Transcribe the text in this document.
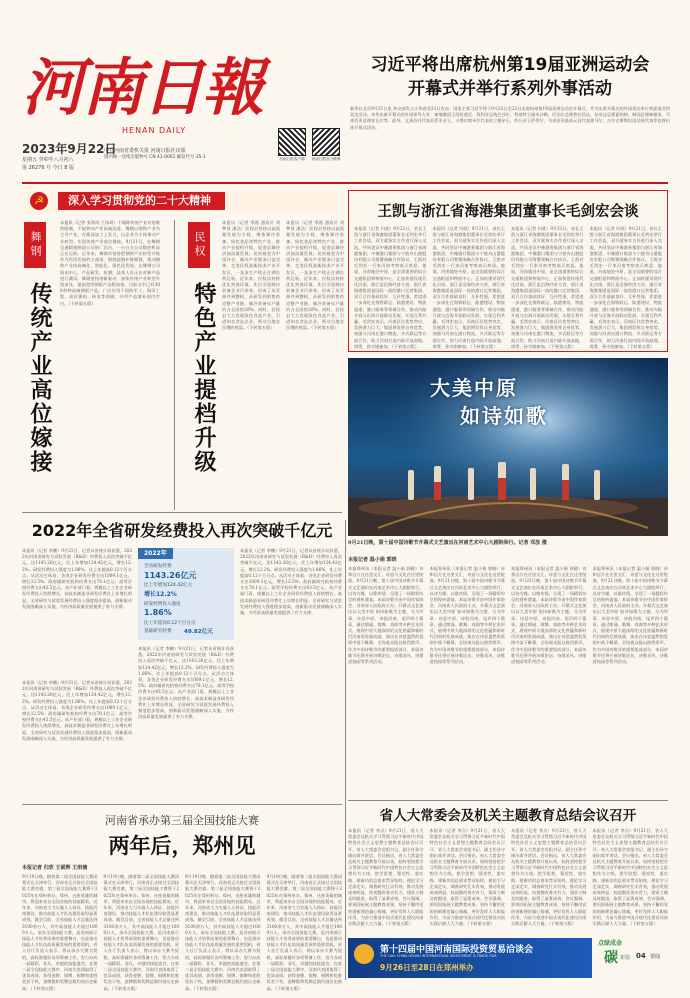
河南日報
HENAN DAILY
2023年9月22日
星期五 癸卯年八月初八
第 26276 号 今日 8 版
中共河南省委机关报 河南日报社出版
国内统一连续出版物号 CN 41-0001 邮发代号 35-1	河南日报客户端	河南日报官方微博
习近平将出席杭州第19届亚洲运动会
开幕式并举行系列外事活动
新华社北京9月21日电 外交部发言人华春莹21日宣布：国家主席习近平将于9月22日至23日出席杭州第19届亚洲运动会开幕式，并为出席开幕式的外国贵宾举行欢迎宴会和双边活动。来华出席开幕式的外国领导人有：柬埔寨国王西哈莫尼、叙利亚总统巴沙尔、科威特王储米沙勒、尼泊尔总理普拉昌达、东帝汶总理夏纳纳、韩国总理韩德洙、马来西亚总理安瓦尔等。此外，文莱苏丹代表苏菲亚亲王，卡塔尔埃米尔代表哈立德亲王，约旦亲王萨伊尔，马来西亚最高元首代表奥马尔，吉尔吉斯斯坦国总统代表等也将出席开幕式活动。
王凯与浙江省海港集团董事长毛剑宏会谈
本报讯（记者 归欣）9月21日，省长王凯与浙江省海港集团董事长毛剑宏举行工作会谈，双方就务实合作进行深入交流，共同见证中豫港务集团与浙江省海港集团、中豫港口集团与宁波舟山港股份有限公司签署战略合作协议。王凯对毛剑宏一行来河南考察表示欢迎。他说，河南地处中原，是全国重要的综合交通枢纽和物流中心，正加快建设现代化河南。浙江是沿海经济大省，浙江省海港集团是国际一流的港口运营集团。双方合作基础良好、互补性强，希望进一步深化在海铁联运、陆港建设、物流通道、港口服务等领域合作，推动内陆开放与沿海开放联动发展，实现互利共赢。毛剑宏表示，河南区位优势突出，发展潜力巨大，集团将发挥自身优势，加强与河南在港口物流、多式联运等方面合作，助力河南打造内陆开放高地。周霁、孙守刚参加。（下转第五版）
本报讯（记者 归欣）9月21日，省长王凯与浙江省海港集团董事长毛剑宏举行工作会谈，双方就务实合作进行深入交流，共同见证中豫港务集团与浙江省海港集团、中豫港口集团与宁波舟山港股份有限公司签署战略合作协议。王凯对毛剑宏一行来河南考察表示欢迎。他说，河南地处中原，是全国重要的综合交通枢纽和物流中心，正加快建设现代化河南。浙江是沿海经济大省，浙江省海港集团是国际一流的港口运营集团。双方合作基础良好、互补性强，希望进一步深化在海铁联运、陆港建设、物流通道、港口服务等领域合作，推动内陆开放与沿海开放联动发展，实现互利共赢。毛剑宏表示，河南区位优势突出，发展潜力巨大，集团将发挥自身优势，加强与河南在港口物流、多式联运等方面合作，助力河南打造内陆开放高地。周霁、孙守刚参加。（下转第五版）
本报讯（记者 归欣）9月21日，省长王凯与浙江省海港集团董事长毛剑宏举行工作会谈，双方就务实合作进行深入交流，共同见证中豫港务集团与浙江省海港集团、中豫港口集团与宁波舟山港股份有限公司签署战略合作协议。王凯对毛剑宏一行来河南考察表示欢迎。他说，河南地处中原，是全国重要的综合交通枢纽和物流中心，正加快建设现代化河南。浙江是沿海经济大省，浙江省海港集团是国际一流的港口运营集团。双方合作基础良好、互补性强，希望进一步深化在海铁联运、陆港建设、物流通道、港口服务等领域合作，推动内陆开放与沿海开放联动发展，实现互利共赢。毛剑宏表示，河南区位优势突出，发展潜力巨大，集团将发挥自身优势，加强与河南在港口物流、多式联运等方面合作，助力河南打造内陆开放高地。周霁、孙守刚参加。（下转第五版）
本报讯（记者 归欣）9月21日，省长王凯与浙江省海港集团董事长毛剑宏举行工作会谈，双方就务实合作进行深入交流，共同见证中豫港务集团与浙江省海港集团、中豫港口集团与宁波舟山港股份有限公司签署战略合作协议。王凯对毛剑宏一行来河南考察表示欢迎。他说，河南地处中原，是全国重要的综合交通枢纽和物流中心，正加快建设现代化河南。浙江是沿海经济大省，浙江省海港集团是国际一流的港口运营集团。双方合作基础良好、互补性强，希望进一步深化在海铁联运、陆港建设、物流通道、港口服务等领域合作，推动内陆开放与沿海开放联动发展，实现互利共赢。毛剑宏表示，河南区位优势突出，发展潜力巨大，集团将发挥自身优势，加强与河南在港口物流、多式联运等方面合作，助力河南打造内陆开放高地。周霁、孙守刚参加。（下转第五版）
☭	深入学习贯彻党的二十大精神
舞钢
传统产业高位嫁接
本报讯（记者 张海涛 王冰玥）不破除传统产业对思维的限制，不能够向产业高端迈进。舞钢以钢铁产业为主导产业，在精深加工上发力，以企业为主体推动产业转型，实现传统产业高位嫁接。9月21日，在舞钢宝通精密制造公司的厂区内，一台台全自动数控机床正在运转。近年来，舞钢市坚持把钢铁产业转型升级作为经济发展的主战场，围绕延链补链强链，推动钢铁产业向高端化、智能化、绿色化发展。在舞钢公司技术中心，产品研发、检测，技术人员正在对新产品进行测试。舞钢坚持创新驱动，加快传统产业转型升级步伐，提高宽厚钢板产品附加值，目前全市已有300余种高端钢板产品，广泛应用于国防军工、海洋工程、高层建筑、核电等领域，多项产品填补国内空白。（下转第五版）
民权
特色产业提档升级
本报讯（记者 李燕 通讯员 刘梦珂 潘洁）民权县坚持以高质量发展为主线，聚焦制冷装备、绿色食品等特色产业，推动产业提档升级，促进县域经济高质量发展。民权被誉为中国冷谷，制冷产业链条日益完善。走进民权高新技术产业开发区，一条条生产线正在满负荷运转。近年来，民权县持续优化营商环境，先后引进制冷装备企业百余家，形成了从零部件到整机、从研发到销售的完整产业链，制冷装备年产量约占全国的20%。同时，民权县大力发展绿色食品产业，引进知名食品企业，带动当地农民增收致富。（下转第五版）
本报讯（记者 李燕 通讯员 刘梦珂 潘洁）民权县坚持以高质量发展为主线，聚焦制冷装备、绿色食品等特色产业，推动产业提档升级，促进县域经济高质量发展。民权被誉为中国冷谷，制冷产业链条日益完善。走进民权高新技术产业开发区，一条条生产线正在满负荷运转。近年来，民权县持续优化营商环境，先后引进制冷装备企业百余家，形成了从零部件到整机、从研发到销售的完整产业链，制冷装备年产量约占全国的20%。同时，民权县大力发展绿色食品产业，引进知名食品企业，带动当地农民增收致富。（下转第五版）
大美中原
如诗如歌
9月21日晚，第十届中国诗歌节开幕式文艺演出在河南艺术中心大剧院举行。记者 邓放 摄
本报记者 温小娟 郭晓
本报郑州讯（本报记者 温小娟 郭晓）诗和远方在这里交汇，诗意与文化在这里绽放。9月21日晚，第十届中国诗歌节开幕式文艺演出在河南艺术中心大剧院举行，以诗为媒，以歌传情，呈现了一场精彩纷呈的视听盛宴。本届诗歌节由中国作家协会、河南省人民政府主办。开幕式文艺演出以大美中原 如诗如歌为主题，分为序章、诗意中原、诗韵河南、尾声四个篇章，通过朗诵、歌舞、戏曲等多种艺术形式，展现中原大地深厚的文化底蕴和新时代河南的发展成就。演出在诗意盎然的氛围中落下帷幕，全场观众报以热烈掌声。作为中国诗歌节的重要组成部分，本届诗歌节还将开展诗歌论坛、诗歌采风、诗歌进校园等系列活动。
本报郑州讯（本报记者 温小娟 郭晓）诗和远方在这里交汇，诗意与文化在这里绽放。9月21日晚，第十届中国诗歌节开幕式文艺演出在河南艺术中心大剧院举行，以诗为媒，以歌传情，呈现了一场精彩纷呈的视听盛宴。本届诗歌节由中国作家协会、河南省人民政府主办。开幕式文艺演出以大美中原 如诗如歌为主题，分为序章、诗意中原、诗韵河南、尾声四个篇章，通过朗诵、歌舞、戏曲等多种艺术形式，展现中原大地深厚的文化底蕴和新时代河南的发展成就。演出在诗意盎然的氛围中落下帷幕，全场观众报以热烈掌声。作为中国诗歌节的重要组成部分，本届诗歌节还将开展诗歌论坛、诗歌采风、诗歌进校园等系列活动。
本报郑州讯（本报记者 温小娟 郭晓）诗和远方在这里交汇，诗意与文化在这里绽放。9月21日晚，第十届中国诗歌节开幕式文艺演出在河南艺术中心大剧院举行，以诗为媒，以歌传情，呈现了一场精彩纷呈的视听盛宴。本届诗歌节由中国作家协会、河南省人民政府主办。开幕式文艺演出以大美中原 如诗如歌为主题，分为序章、诗意中原、诗韵河南、尾声四个篇章，通过朗诵、歌舞、戏曲等多种艺术形式，展现中原大地深厚的文化底蕴和新时代河南的发展成就。演出在诗意盎然的氛围中落下帷幕，全场观众报以热烈掌声。作为中国诗歌节的重要组成部分，本届诗歌节还将开展诗歌论坛、诗歌采风、诗歌进校园等系列活动。
本报郑州讯（本报记者 温小娟 郭晓）诗和远方在这里交汇，诗意与文化在这里绽放。9月21日晚，第十届中国诗歌节开幕式文艺演出在河南艺术中心大剧院举行，以诗为媒，以歌传情，呈现了一场精彩纷呈的视听盛宴。本届诗歌节由中国作家协会、河南省人民政府主办。开幕式文艺演出以大美中原 如诗如歌为主题，分为序章、诗意中原、诗韵河南、尾声四个篇章，通过朗诵、歌舞、戏曲等多种艺术形式，展现中原大地深厚的文化底蕴和新时代河南的发展成就。演出在诗意盎然的氛围中落下帷幕，全场观众报以热烈掌声。作为中国诗歌节的重要组成部分，本届诗歌节还将开展诗歌论坛、诗歌采风、诗歌进校园等系列活动。
2022年全省研发经费投入再次突破千亿元
本报讯（记者 李鹏）9月21日，记者从省统计局获悉，2022年河南省研究与试验发展（R&D）经费投入再次突破千亿元，达1143.26亿元，比上年增加124.42亿元，增长12.2%。研发经费投入强度为1.86%，比上年提高0.12个百分点。从活动主体看，各类企业研发经费支出1009.1亿元，增长12.5%；政府属研究机构经费支出78.1亿元；高等学校经费支出43.5亿元。从产业部门看，规模以上工业企业研发经费投入持续增长，高技术制造业研发经费比上年增长明显。全省研究与试验发展经费投入强度稳步提高，创新驱动发展战略深入实施，为经济高质量发展提供了有力支撑。
本报讯（记者 李鹏）9月21日，记者从省统计局获悉，2022年河南省研究与试验发展（R&D）经费投入再次突破千亿元，达1143.26亿元，比上年增加124.42亿元，增长12.2%。研发经费投入强度为1.86%，比上年提高0.12个百分点。从活动主体看，各类企业研发经费支出1009.1亿元，增长12.5%；政府属研究机构经费支出78.1亿元；高等学校经费支出43.5亿元。从产业部门看，规模以上工业企业研发经费投入持续增长，高技术制造业研发经费比上年增长明显。全省研究与试验发展经费投入强度稳步提高，创新驱动发展战略深入实施，为经济高质量发展提供了有力支撑。
本报讯（记者 李鹏）9月21日，记者从省统计局获悉，2022年河南省研究与试验发展（R&D）经费投入再次突破千亿元，达1143.26亿元，比上年增加124.42亿元，增长12.2%。研发经费投入强度为1.86%，比上年提高0.12个百分点。从活动主体看，各类企业研发经费支出1009.1亿元，增长12.5%；政府属研究机构经费支出78.1亿元；高等学校经费支出43.5亿元。从产业部门看，规模以上工业企业研发经费投入持续增长，高技术制造业研发经费比上年增长明显。全省研究与试验发展经费投入强度稳步提高，创新驱动发展战略深入实施，为经济高质量发展提供了有力支撑。
2022年
全省研发经费
1143.26亿元
比上年增加124.42亿元
增长12.2%
研发经费投入强度
1.86%
比上年提高0.12个百分点
基础研究经费 49.82亿元
本报讯（记者 李鹏）9月21日，记者从省统计局获悉，2022年河南省研究与试验发展（R&D）经费投入再次突破千亿元，达1143.26亿元，比上年增加124.42亿元，增长12.2%。研发经费投入强度为1.86%，比上年提高0.12个百分点。从活动主体看，各类企业研发经费支出1009.1亿元，增长12.5%；政府属研究机构经费支出78.1亿元；高等学校经费支出43.5亿元。从产业部门看，规模以上工业企业研发经费投入持续增长，高技术制造业研发经费比上年增长明显。全省研究与试验发展经费投入强度稳步提高，创新驱动发展战略深入实施，为经济高质量发展提供了有力支撑。
河南省承办第三届全国技能大赛
两年后，郑州见
本报记者 归欣 王硕辉 王雨楠
9月19日晚，随着第二届全国技能大赛闭幕式在天津举行，河南省正式接过全国技能大赛会旗，第三届全国技能大赛将于2025年在郑州举办。郑州，这座英雄的城市，将迎来来自全国各地的技能精英。近年来，河南省大力实施人人持证、技能河南建设，推动技能人才队伍建设取得显著成效。截至目前，全省技能人才总量达到3100余万人，其中高技能人才超过1000万人。承办全国技能大赛，是河南展示技能人才培养成果的重要舞台，也是推动技能人才队伍高质量发展的重要契机。省人社厅负责人表示，将以承办大赛为契机，高标准做好各项筹备工作，努力办成一届精彩、非凡、卓越的技能盛会。在第二届全国技能大赛中，河南代表团取得了优异成绩，获得金牌、银牌、铜牌和优胜奖若干枚，金牌数和奖牌总数均创历史新高。（下转第五版）
9月19日晚，随着第二届全国技能大赛闭幕式在天津举行，河南省正式接过全国技能大赛会旗，第三届全国技能大赛将于2025年在郑州举办。郑州，这座英雄的城市，将迎来来自全国各地的技能精英。近年来，河南省大力实施人人持证、技能河南建设，推动技能人才队伍建设取得显著成效。截至目前，全省技能人才总量达到3100余万人，其中高技能人才超过1000万人。承办全国技能大赛，是河南展示技能人才培养成果的重要舞台，也是推动技能人才队伍高质量发展的重要契机。省人社厅负责人表示，将以承办大赛为契机，高标准做好各项筹备工作，努力办成一届精彩、非凡、卓越的技能盛会。在第二届全国技能大赛中，河南代表团取得了优异成绩，获得金牌、银牌、铜牌和优胜奖若干枚，金牌数和奖牌总数均创历史新高。（下转第五版）
9月19日晚，随着第二届全国技能大赛闭幕式在天津举行，河南省正式接过全国技能大赛会旗，第三届全国技能大赛将于2025年在郑州举办。郑州，这座英雄的城市，将迎来来自全国各地的技能精英。近年来，河南省大力实施人人持证、技能河南建设，推动技能人才队伍建设取得显著成效。截至目前，全省技能人才总量达到3100余万人，其中高技能人才超过1000万人。承办全国技能大赛，是河南展示技能人才培养成果的重要舞台，也是推动技能人才队伍高质量发展的重要契机。省人社厅负责人表示，将以承办大赛为契机，高标准做好各项筹备工作，努力办成一届精彩、非凡、卓越的技能盛会。在第二届全国技能大赛中，河南代表团取得了优异成绩，获得金牌、银牌、铜牌和优胜奖若干枚，金牌数和奖牌总数均创历史新高。（下转第五版）
9月19日晚，随着第二届全国技能大赛闭幕式在天津举行，河南省正式接过全国技能大赛会旗，第三届全国技能大赛将于2025年在郑州举办。郑州，这座英雄的城市，将迎来来自全国各地的技能精英。近年来，河南省大力实施人人持证、技能河南建设，推动技能人才队伍建设取得显著成效。截至目前，全省技能人才总量达到3100余万人，其中高技能人才超过1000万人。承办全国技能大赛，是河南展示技能人才培养成果的重要舞台，也是推动技能人才队伍高质量发展的重要契机。省人社厅负责人表示，将以承办大赛为契机，高标准做好各项筹备工作，努力办成一届精彩、非凡、卓越的技能盛会。在第二届全国技能大赛中，河南代表团取得了优异成绩，获得金牌、银牌、铜牌和优胜奖若干枚，金牌数和奖牌总数均创历史新高。（下转第五版）
省人大常委会及机关主题教育总结会议召开
本报讯（记者 李点）9月21日，省人大常委会及机关学习贯彻习近平新时代中国特色社会主义思想主题教育总结会议召开。省人大常委会党组书记、副主任孙守刚出席并讲话。会议指出，省人大常委会及机关主题教育开展以来，始终坚持把学习贯彻习近平新时代中国特色社会主义思想作为主线，把学思想、强党性、重实践、建新功的总要求贯穿始终，理论学习走深走实，调查研究扎实有效，推动发展成效明显，检视整改务实有力，建章立制及时跟进，取得了显著成效。会议强调，要巩固拓展主题教育成果，坚持不懈用党的创新理论凝心铸魂，更好发挥人大职能作用，为奋力推进中国式现代化建设河南实践贡献人大力量。（下转第五版）
本报讯（记者 李点）9月21日，省人大常委会及机关学习贯彻习近平新时代中国特色社会主义思想主题教育总结会议召开。省人大常委会党组书记、副主任孙守刚出席并讲话。会议指出，省人大常委会及机关主题教育开展以来，始终坚持把学习贯彻习近平新时代中国特色社会主义思想作为主线，把学思想、强党性、重实践、建新功的总要求贯穿始终，理论学习走深走实，调查研究扎实有效，推动发展成效明显，检视整改务实有力，建章立制及时跟进，取得了显著成效。会议强调，要巩固拓展主题教育成果，坚持不懈用党的创新理论凝心铸魂，更好发挥人大职能作用，为奋力推进中国式现代化建设河南实践贡献人大力量。（下转第五版）
本报讯（记者 李点）9月21日，省人大常委会及机关学习贯彻习近平新时代中国特色社会主义思想主题教育总结会议召开。省人大常委会党组书记、副主任孙守刚出席并讲话。会议指出，省人大常委会及机关主题教育开展以来，始终坚持把学习贯彻习近平新时代中国特色社会主义思想作为主线，把学思想、强党性、重实践、建新功的总要求贯穿始终，理论学习走深走实，调查研究扎实有效，推动发展成效明显，检视整改务实有力，建章立制及时跟进，取得了显著成效。会议强调，要巩固拓展主题教育成果，坚持不懈用党的创新理论凝心铸魂，更好发挥人大职能作用，为奋力推进中国式现代化建设河南实践贡献人大力量。（下转第五版）
本报讯（记者 李点）9月21日，省人大常委会及机关学习贯彻习近平新时代中国特色社会主义思想主题教育总结会议召开。省人大常委会党组书记、副主任孙守刚出席并讲话。会议指出，省人大常委会及机关主题教育开展以来，始终坚持把学习贯彻习近平新时代中国特色社会主义思想作为主线，把学思想、强党性、重实践、建新功的总要求贯穿始终，理论学习走深走实，调查研究扎实有效，推动发展成效明显，检视整改务实有力，建章立制及时跟进，取得了显著成效。会议强调，要巩固拓展主题教育成果，坚持不懈用党的创新理论凝心铸魂，更好发挥人大职能作用，为奋力推进中国式现代化建设河南实践贡献人大力量。（下转第五版）
第十四届中国河南国际投资贸易洽谈会
THE 14th CHINA HENAN INTERNATIONAL INVESTMENT & TRADE FAIR
9月26日至28日在郑州举办
点绿成金
碳 新篇 04 要闻
